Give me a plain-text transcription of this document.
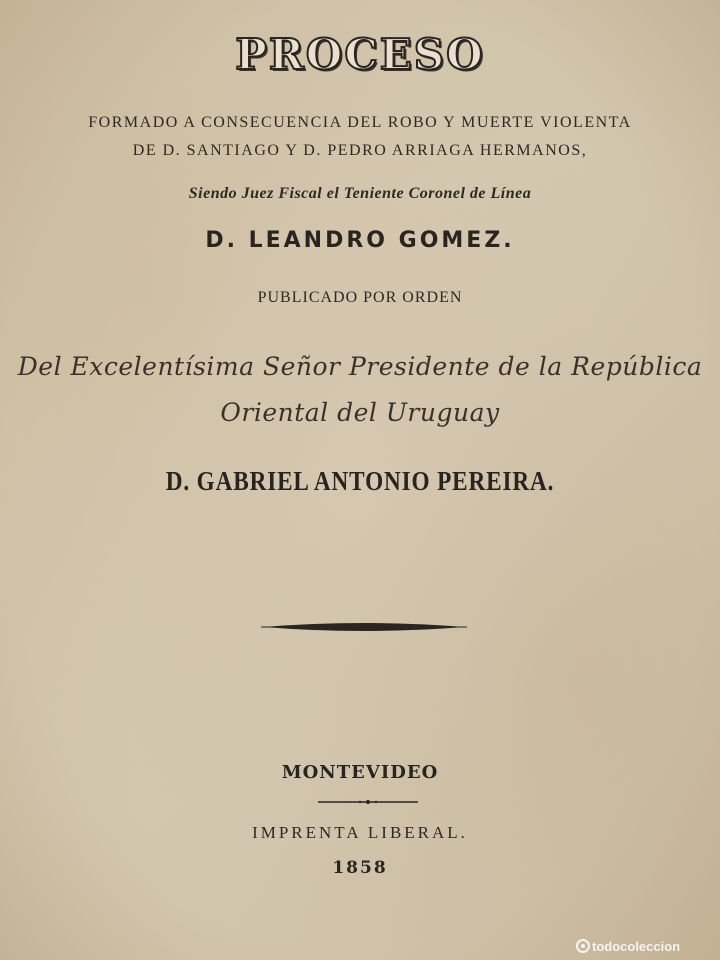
PROCESO
FORMADO A CONSECUENCIA DEL ROBO Y MUERTE VIOLENTA
DE D. SANTIAGO Y D. PEDRO ARRIAGA HERMANOS,
Siendo Juez Fiscal el Teniente Coronel de Línea
D. LEANDRO GOMEZ.
PUBLICADO POR ORDEN
Del Excelentísima Señor Presidente de la República
Oriental del Uruguay
D. GABRIEL ANTONIO PEREIRA.
MONTEVIDEO
IMPRENTA LIBERAL.
1858
todocoleccion
